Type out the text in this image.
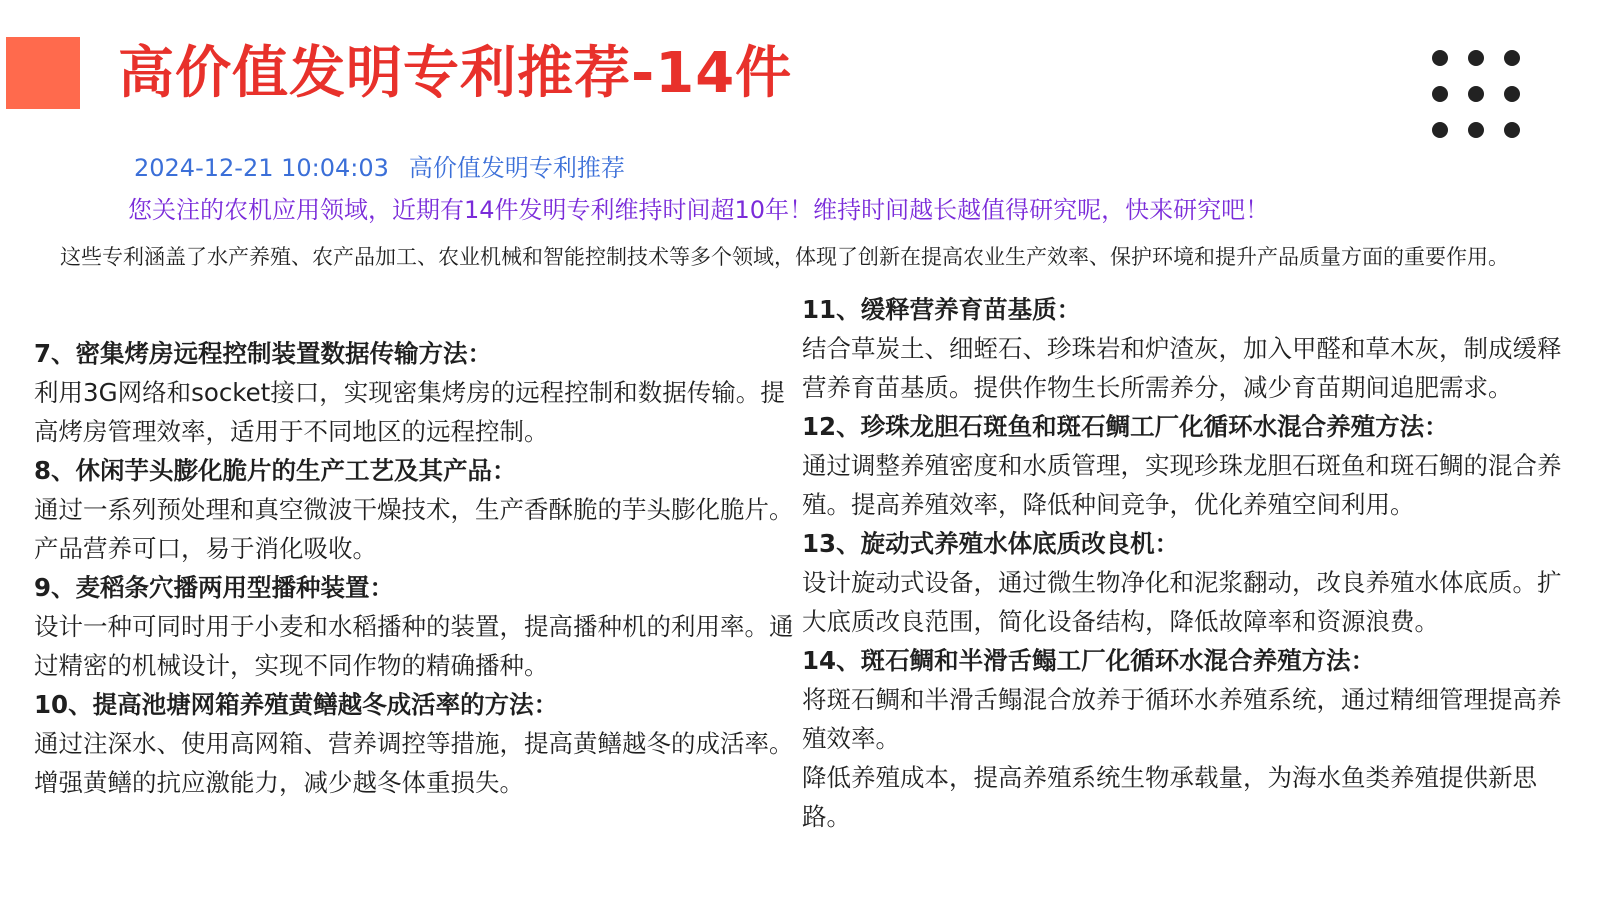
高价值发明专利推荐-14件
2024-12-21 10:04:03 高价值发明专利推荐
您关注的农机应用领域，近期有14件发明专利维持时间超10年！维持时间越长越值得研究呢，快来研究吧！

这些专利涵盖了水产养殖、农产品加工、农业机械和智能控制技术等多个领域，体现了创新在提高农业生产效率、保护环境和提升产品质量方面的重要作用。

7、密集烤房远程控制装置数据传输方法：

利用3G网络和socket接口，实现密集烤房的远程控制和数据传输。提高烤房管理效率，适用于不同地区的远程控制。

8、休闲芋头膨化脆片的生产工艺及其产品：

通过一系列预处理和真空微波干燥技术，生产香酥脆的芋头膨化脆片。产品营养可口，易于消化吸收。

9、麦稻条穴播两用型播种装置：

设计一种可同时用于小麦和水稻播种的装置，提高播种机的利用率。通过精密的机械设计，实现不同作物的精确播种。

10、提高池塘网箱养殖黄鳝越冬成活率的方法：

通过注深水、使用高网箱、营养调控等措施，提高黄鳝越冬的成活率。增强黄鳝的抗应激能力，减少越冬体重损失。

11、缓释营养育苗基质：

结合草炭土、细蛭石、珍珠岩和炉渣灰，加入甲醛和草木灰，制成缓释营养育苗基质。提供作物生长所需养分，减少育苗期间追肥需求。

12、珍珠龙胆石斑鱼和斑石鲷工厂化循环水混合养殖方法：

通过调整养殖密度和水质管理，实现珍珠龙胆石斑鱼和斑石鲷的混合养殖。提高养殖效率，降低种间竞争，优化养殖空间利用。

13、旋动式养殖水体底质改良机：

设计旋动式设备，通过微生物净化和泥浆翻动，改良养殖水体底质。扩大底质改良范围，简化设备结构，降低故障率和资源浪费。

14、斑石鲷和半滑舌鳎工厂化循环水混合养殖方法：

将斑石鲷和半滑舌鳎混合放养于循环水养殖系统，通过精细管理提高养殖效率。

降低养殖成本，提高养殖系统生物承载量，为海水鱼类养殖提供新思路。
